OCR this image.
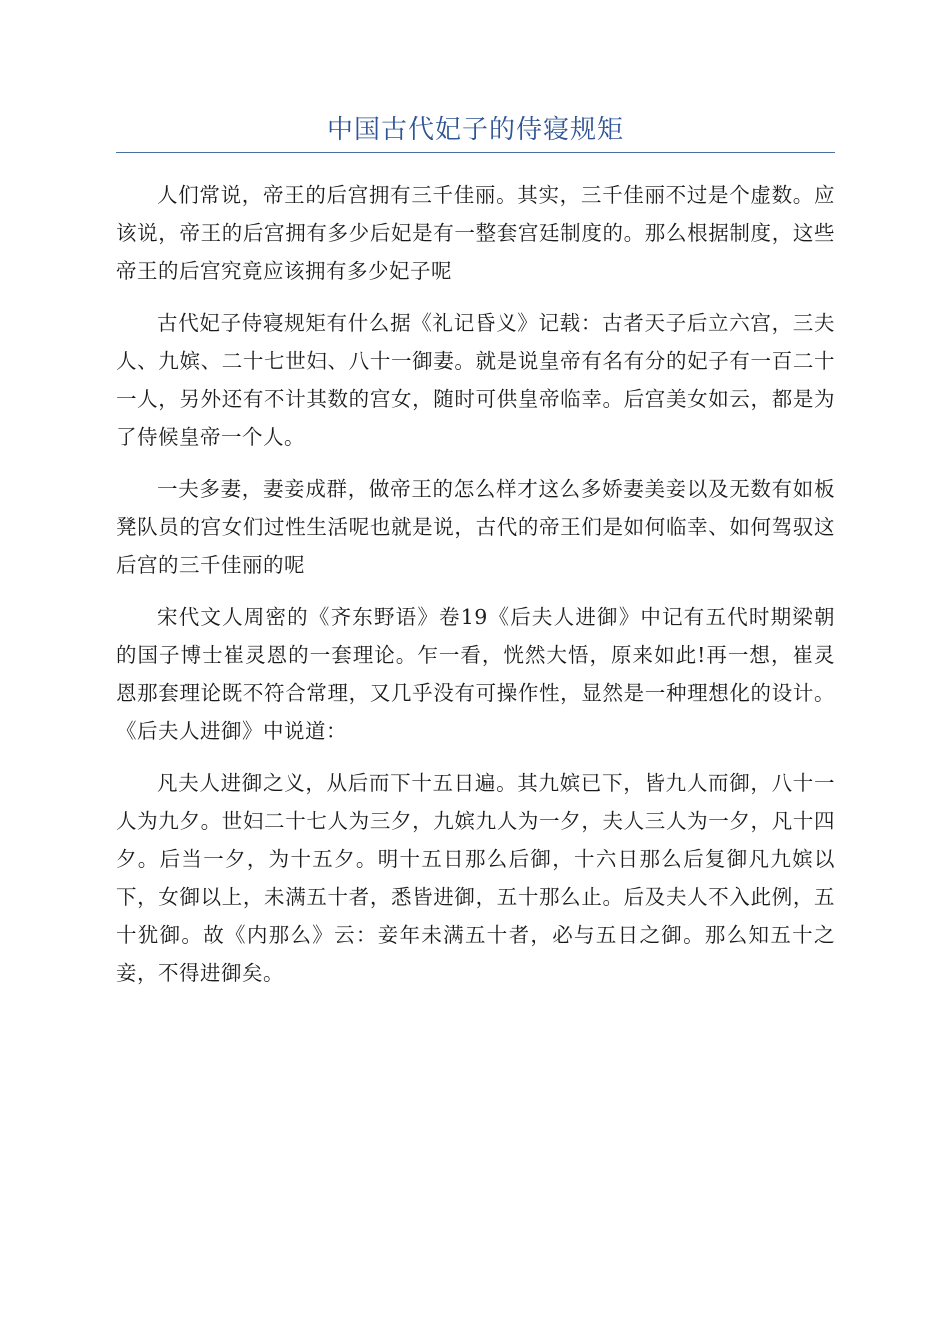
中国古代妃子的侍寝规矩

人们常说，帝王的后宫拥有三千佳丽。其实，三千佳丽不过是个虚数。应该说，帝王的后宫拥有多少后妃是有一整套宫廷制度的。那么根据制度，这些帝王的后宫究竟应该拥有多少妃子呢

古代妃子侍寝规矩有什么据《礼记昏义》记载：古者天子后立六宫，三夫人、九嫔、二十七世妇、八十一御妻。就是说皇帝有名有分的妃子有一百二十一人，另外还有不计其数的宫女，随时可供皇帝临幸。后宫美女如云，都是为了侍候皇帝一个人。

一夫多妻，妻妾成群，做帝王的怎么样才这么多娇妻美妾以及无数有如板凳队员的宫女们过性生活呢也就是说，古代的帝王们是如何临幸、如何驾驭这后宫的三千佳丽的呢

宋代文人周密的《齐东野语》卷19《后夫人进御》中记有五代时期梁朝的国子博士崔灵恩的一套理论。乍一看，恍然大悟，原来如此!再一想，崔灵恩那套理论既不符合常理，又几乎没有可操作性，显然是一种理想化的设计。《后夫人进御》中说道：

凡夫人进御之义，从后而下十五日遍。其九嫔已下，皆九人而御，八十一人为九夕。世妇二十七人为三夕，九嫔九人为一夕，夫人三人为一夕，凡十四夕。后当一夕，为十五夕。明十五日那么后御，十六日那么后复御凡九嫔以下，女御以上，未满五十者，悉皆进御，五十那么止。后及夫人不入此例，五十犹御。故《内那么》云：妾年未满五十者，必与五日之御。那么知五十之妾，不得进御矣。
